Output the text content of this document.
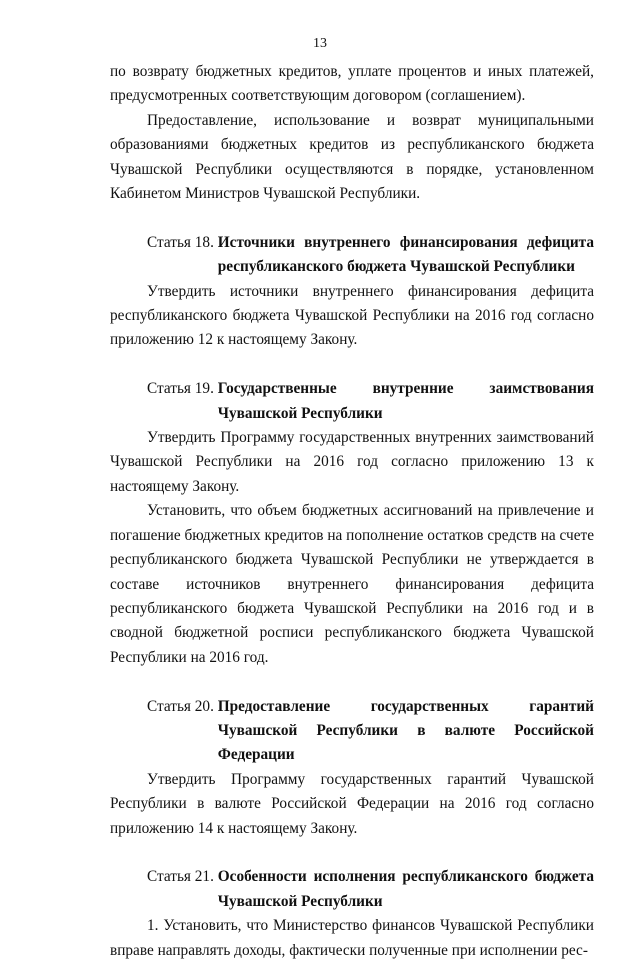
13

по возврату бюджетных кредитов, уплате процентов и иных платежей, предусмотренных соответствующим договором (соглашением).

Предоставление, использование и возврат муниципальными образованиями бюджетных кредитов из республиканского бюджета Чувашской Республики осуществляются в порядке, установленном Кабинетом Министров Чувашской Республики.

Статья 18.
Источники внутреннего финансирования дефицита республиканского бюджета Чувашской Республики

Утвердить источники внутреннего финансирования дефицита республиканского бюджета Чувашской Республики на 2016 год согласно приложению 12 к настоящему Закону.

Статья 19.
Государственные внутренние заимствования Чувашской Республики

Утвердить Программу государственных внутренних заимствований Чувашской Республики на 2016 год согласно приложению 13 к настоящему Закону.

Установить, что объем бюджетных ассигнований на привлечение и погашение бюджетных кредитов на пополнение остатков средств на счете республиканского бюджета Чувашской Республики не утверждается в составе источников внутреннего финансирования дефицита республиканского бюджета Чувашской Республики на 2016 год и в сводной бюджетной росписи республиканского бюджета Чувашской Республики на 2016 год.

Статья 20.
Предоставление государственных гарантий Чувашской Республики в валюте Российской Федерации

Утвердить Программу государственных гарантий Чувашской Республики в валюте Российской Федерации на 2016 год согласно приложению 14 к настоящему Закону.

Статья 21.
Особенности исполнения республиканского бюджета Чувашской Республики

1. Установить, что Министерство финансов Чувашской Республики вправе направлять доходы, фактически полученные при исполнении рес-
